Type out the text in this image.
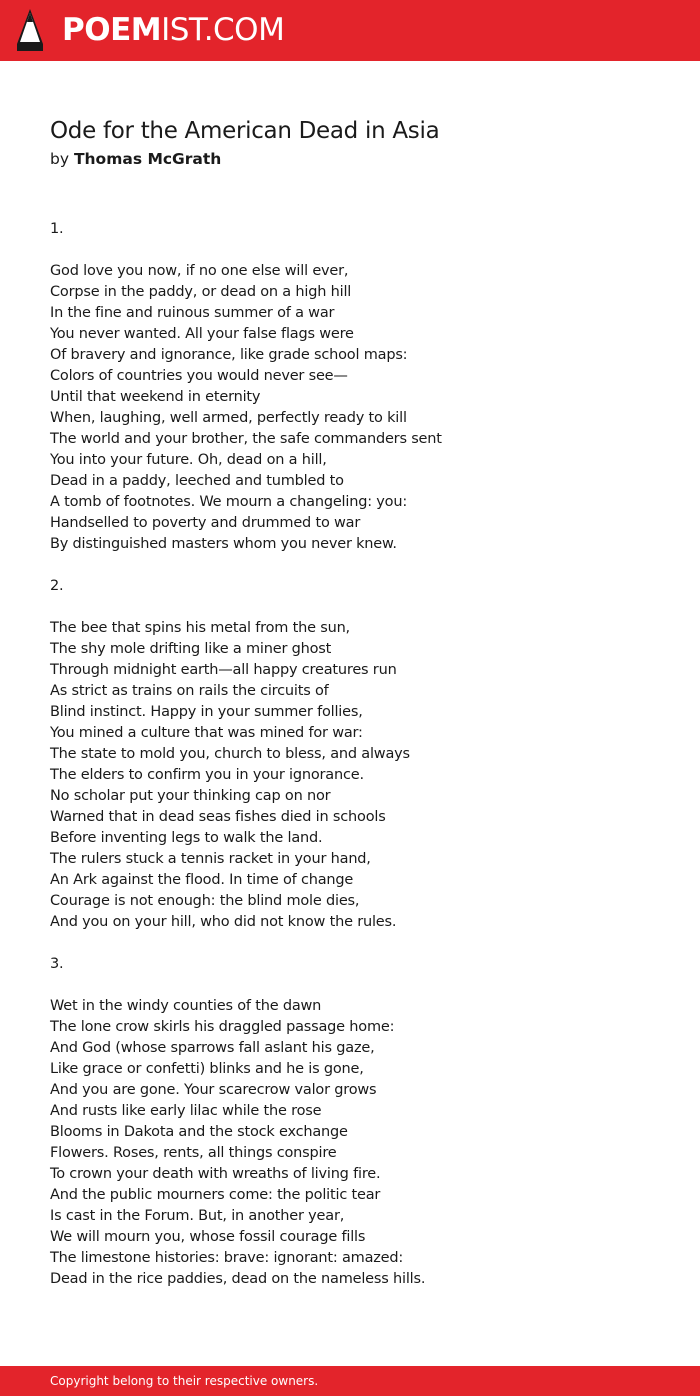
POEMIST.COM
Ode for the American Dead in Asia
by Thomas McGrath
1.
God love you now, if no one else will ever,
Corpse in the paddy, or dead on a high hill
In the fine and ruinous summer of a war
You never wanted. All your false flags were
Of bravery and ignorance, like grade school maps:
Colors of countries you would never see—
Until that weekend in eternity
When, laughing, well armed, perfectly ready to kill
The world and your brother, the safe commanders sent
You into your future. Oh, dead on a hill,
Dead in a paddy, leeched and tumbled to
A tomb of footnotes. We mourn a changeling: you:
Handselled to poverty and drummed to war
By distinguished masters whom you never knew.
2.
The bee that spins his metal from the sun,
The shy mole drifting like a miner ghost
Through midnight earth—all happy creatures run
As strict as trains on rails the circuits of
Blind instinct. Happy in your summer follies,
You mined a culture that was mined for war:
The state to mold you, church to bless, and always
The elders to confirm you in your ignorance.
No scholar put your thinking cap on nor
Warned that in dead seas fishes died in schools
Before inventing legs to walk the land.
The rulers stuck a tennis racket in your hand,
An Ark against the flood. In time of change
Courage is not enough: the blind mole dies,
And you on your hill, who did not know the rules.
3.
Wet in the windy counties of the dawn
The lone crow skirls his draggled passage home:
And God (whose sparrows fall aslant his gaze,
Like grace or confetti) blinks and he is gone,
And you are gone. Your scarecrow valor grows
And rusts like early lilac while the rose
Blooms in Dakota and the stock exchange
Flowers. Roses, rents, all things conspire
To crown your death with wreaths of living fire.
And the public mourners come: the politic tear
Is cast in the Forum. But, in another year,
We will mourn you, whose fossil courage fills
The limestone histories: brave: ignorant: amazed:
Dead in the rice paddies, dead on the nameless hills.
Copyright belong to their respective owners.
